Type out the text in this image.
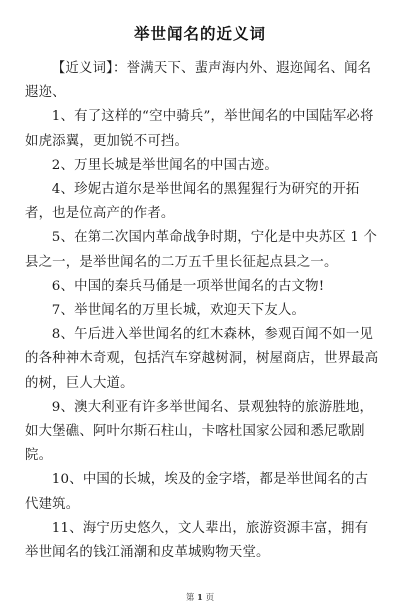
举世闻名的近义词

【近义词】：誉满天下、蜚声海内外、遐迩闻名、闻名遐迩、

1、有了这样的“空中骑兵”，举世闻名的中国陆军必将如虎添翼，更加锐不可挡。

2、万里长城是举世闻名的中国古迹。

4、珍妮古道尔是举世闻名的黑猩猩行为研究的开拓者，也是位高产的作者。

5、在第二次国内革命战争时期，宁化是中央苏区 1 个县之一，是举世闻名的二万五千里长征起点县之一。

6、中国的秦兵马俑是一项举世闻名的古文物!

7、举世闻名的万里长城，欢迎天下友人。

8、午后进入举世闻名的红木森林，参观百闻不如一见的各种神木奇观，包括汽车穿越树洞，树屋商店，世界最高的树，巨人大道。

9、澳大利亚有许多举世闻名、景观独特的旅游胜地，如大堡礁、阿叶尔斯石柱山，卡喀杜国家公园和悉尼歌剧院。

10、中国的长城，埃及的金字塔，都是举世闻名的古代建筑。

11、海宁历史悠久，文人辈出，旅游资源丰富，拥有举世闻名的钱江涌潮和皮革城购物天堂。

第 1 页
